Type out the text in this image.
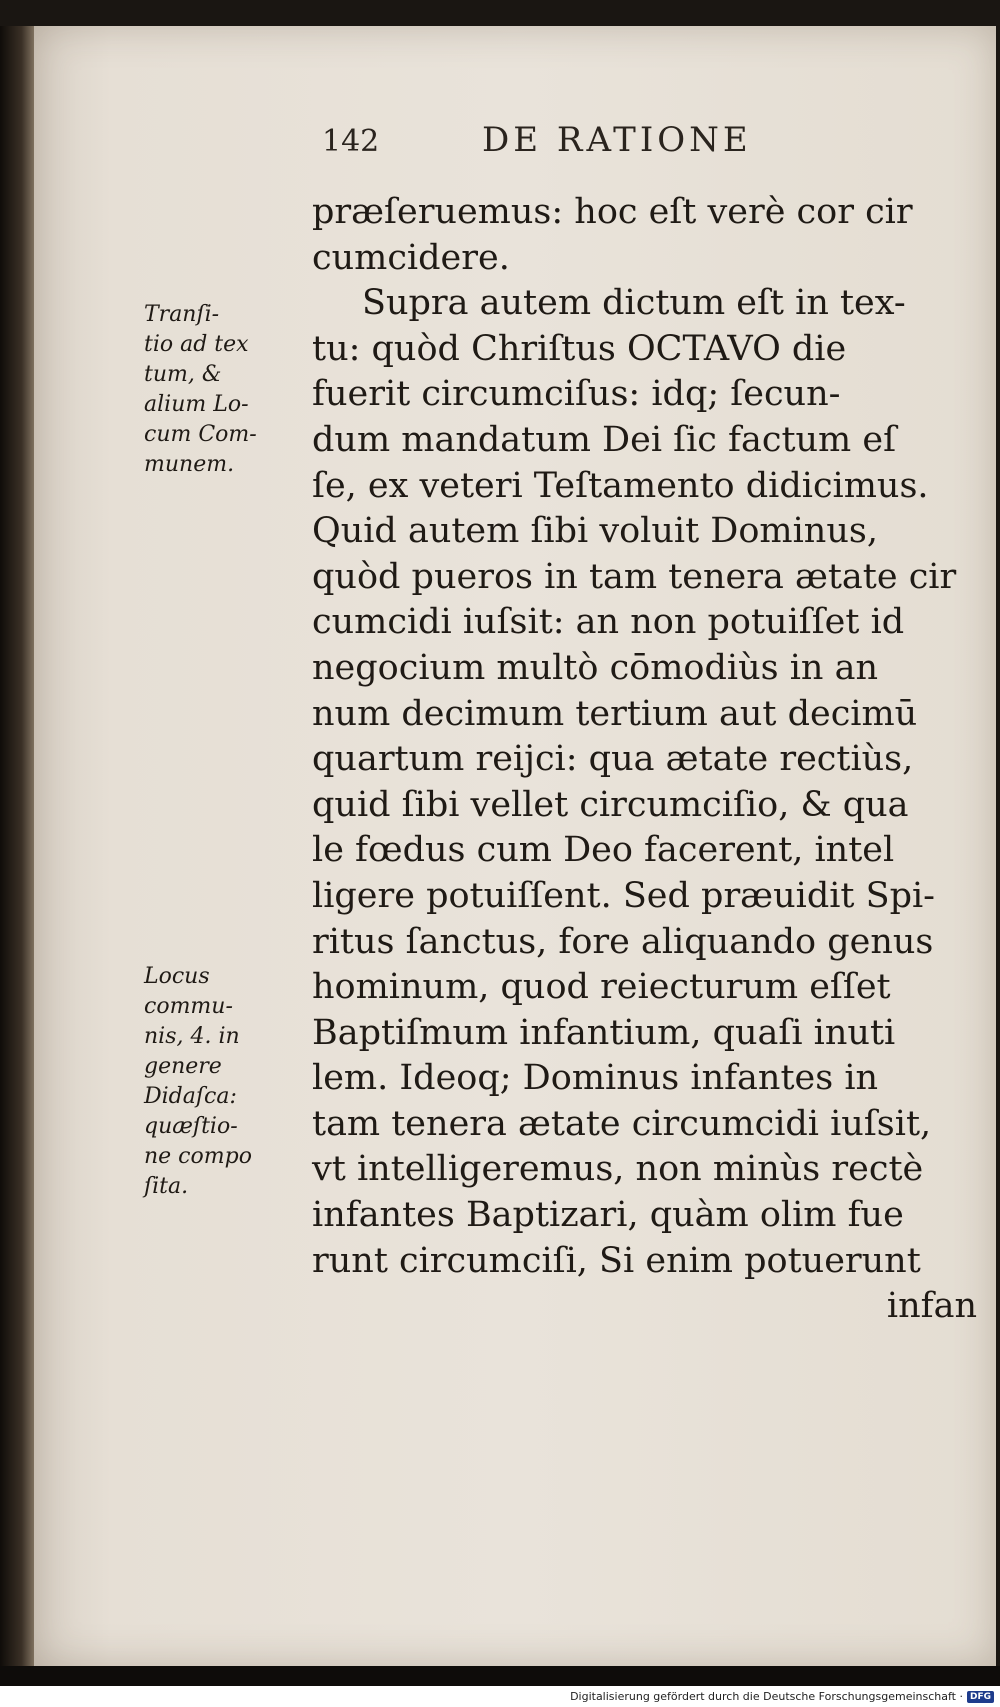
142	DE RATIONE
præſeruemus: hoc eſt verè cor cir
cumcidere.
Supra autem dictum eſt in tex-
tu: quòd Chriſtus OCTAVO die
fuerit circumciſus: idq; ſecun-
dum mandatum Dei ſic factum eſ
ſe, ex veteri Teſtamento didicimus.
Quid autem ſibi voluit Dominus,
quòd pueros in tam tenera ætate cir
cumcidi iuſsit: an non potuiſſet id
negocium multò cōmodiùs in an
num decimum tertium aut decimū
quartum reijci: qua ætate rectiùs,
quid ſibi vellet circumciſio, & qua
le fœdus cum Deo facerent, intel
ligere potuiſſent. Sed præuidit Spi-
ritus ſanctus, fore aliquando genus
hominum, quod reiecturum eſſet
Baptiſmum infantium, quaſi inuti
lem. Ideoq; Dominus infantes in
tam tenera ætate circumcidi iuſsit,
vt intelligeremus, non minùs rectè
infantes Baptizari, quàm olim fue
runt circumciſi, Si enim potuerunt
infan
Tranſi-
tio ad tex
tum, &
alium Lo-
cum Com-
munem.
Locus
commu-
nis, 4. in
genere
Didaſca:
quæſtio-
ne compo
ſita.
Digitalisierung gefördert durch die Deutsche Forschungsgemeinschaft · DFG
